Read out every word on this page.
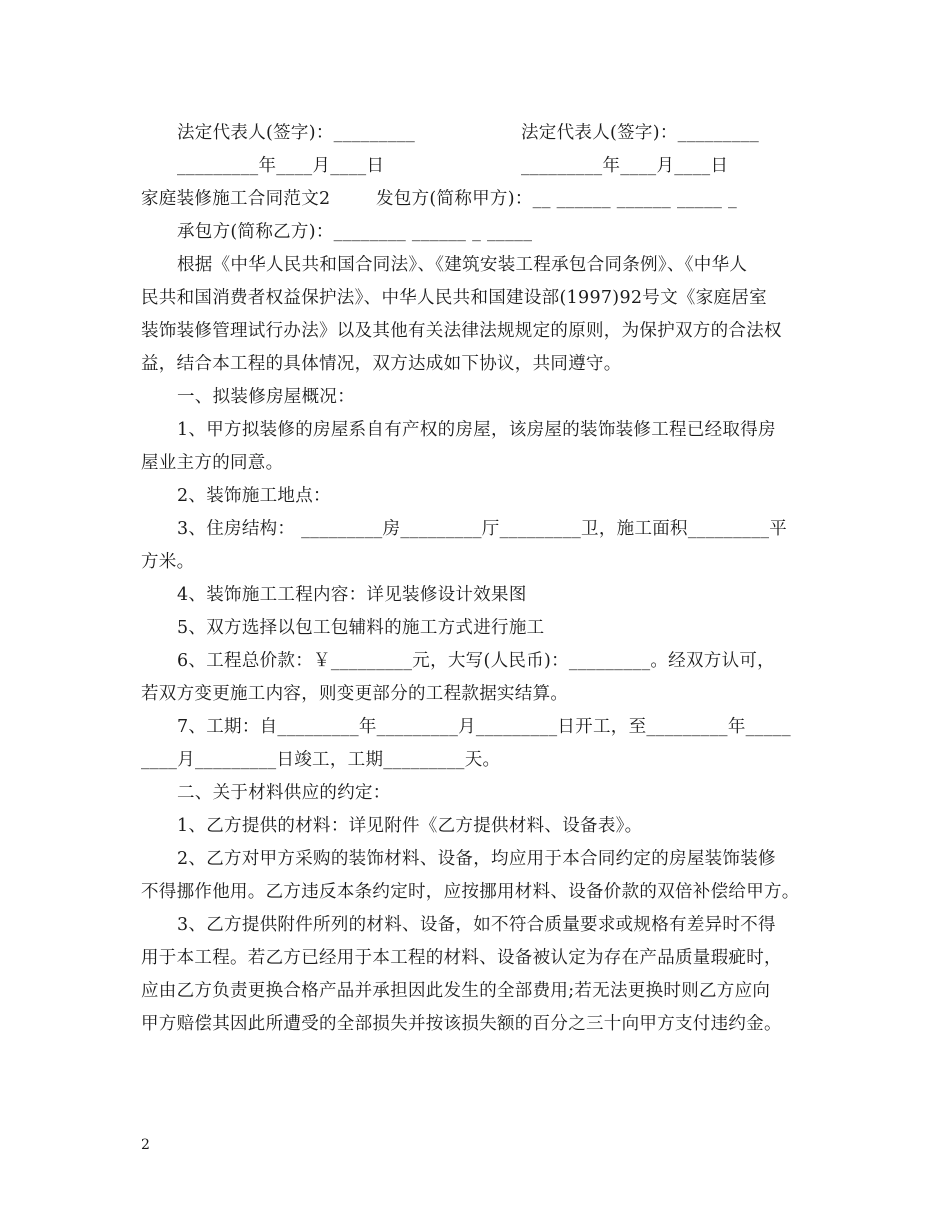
法定代表人(签字)：_________	法定代表人(签字)：_________
_________年____月____日	_________年____月____日
家庭装修施工合同范文2	发包方(简称甲方)：__ ______ ______ _____ _
承包方(简称乙方)：________ ______ _ _____
根据《中华人民共和国合同法》、《建筑安装工程承包合同条例》、《中华人
民共和国消费者权益保护法》、中华人民共和国建设部(1997)92号文《家庭居室
装饰装修管理试行办法》以及其他有关法律法规规定的原则，为保护双方的合法权
益，结合本工程的具体情况，双方达成如下协议，共同遵守。
一、拟装修房屋概况：
1、甲方拟装修的房屋系自有产权的房屋，该房屋的装饰装修工程已经取得房
屋业主方的同意。
2、装饰施工地点：
3、住房结构： _________房_________厅_________卫，施工面积_________平
方米。
4、装饰施工工程内容：详见装修设计效果图
5、双方选择以包工包辅料的施工方式进行施工
6、工程总价款：￥_________元，大写(人民币)：_________。经双方认可，
若双方变更施工内容，则变更部分的工程款据实结算。
7、工期：自_________年_________月_________日开工，至_________年_____
____月_________日竣工，工期_________天。
二、关于材料供应的约定：
1、乙方提供的材料：详见附件《乙方提供材料、设备表》。
2、乙方对甲方采购的装饰材料、设备，均应用于本合同约定的房屋装饰装修
不得挪作他用。乙方违反本条约定时，应按挪用材料、设备价款的双倍补偿给甲方。
3、乙方提供附件所列的材料、设备，如不符合质量要求或规格有差异时不得
用于本工程。若乙方已经用于本工程的材料、设备被认定为存在产品质量瑕疵时，
应由乙方负责更换合格产品并承担因此发生的全部费用;若无法更换时则乙方应向
甲方赔偿其因此所遭受的全部损失并按该损失额的百分之三十向甲方支付违约金。
2
